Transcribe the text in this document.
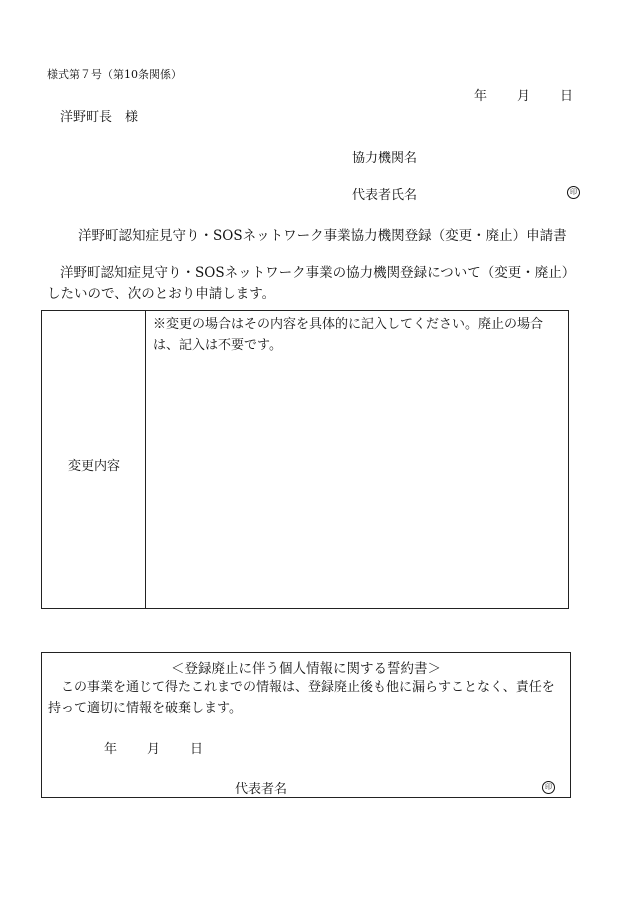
様式第７号（第10条関係）
年 月 日
洋野町長　様
協力機関名
代表者氏名	印
洋野町認知症見守り・SOSネットワーク事業協力機関登録（変更・廃止）申請書
洋野町認知症見守り・SOSネットワーク事業の協力機関登録について（変更・廃止）したいので、次のとおり申請します。
変更内容
※変更の場合はその内容を具体的に記入してください。廃止の場合は、記入は不要です。
＜登録廃止に伴う個人情報に関する誓約書＞
この事業を通じて得たこれまでの情報は、登録廃止後も他に漏らすことなく、責任を持って適切に情報を破棄します。
年 月 日
代表者名	印
